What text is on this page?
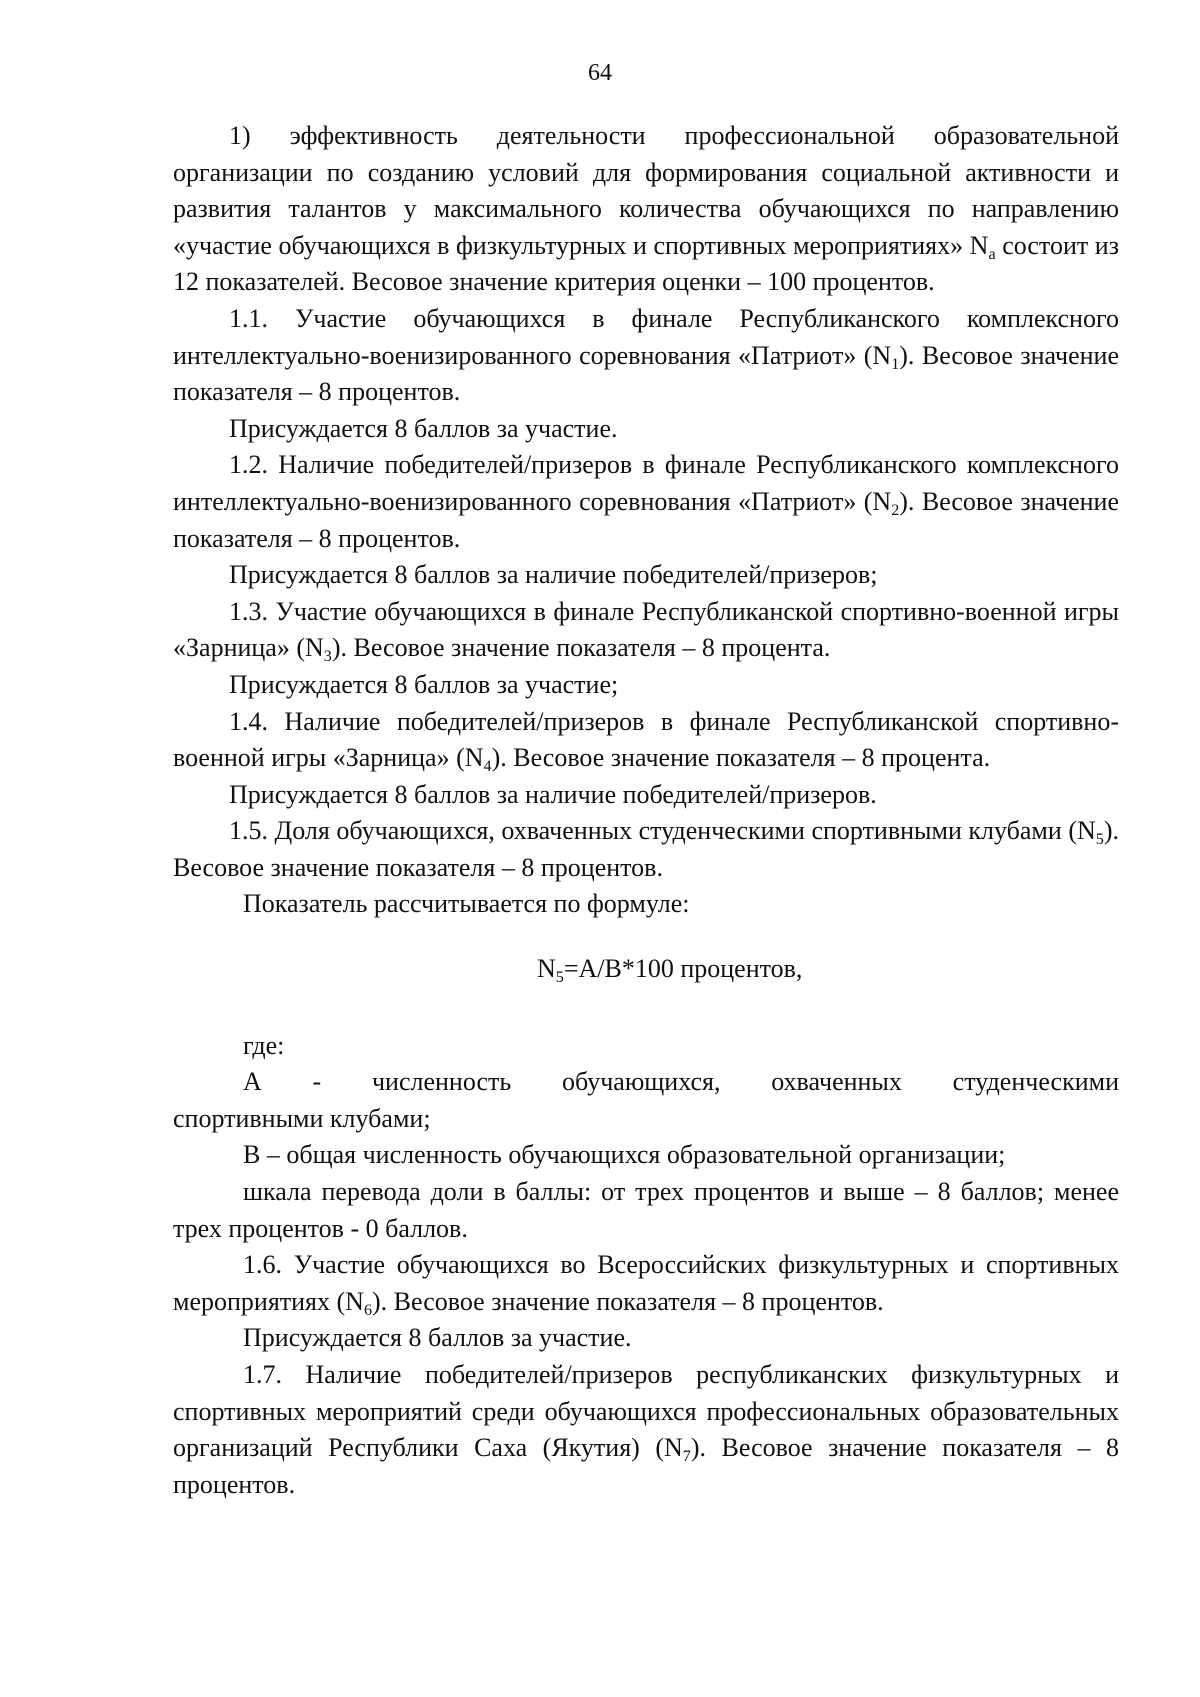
64

1) эффективность деятельности профессиональной образовательной организации по созданию условий для формирования социальной активности и развития талантов у максимального количества обучающихся по направлению «участие обучающихся в физкультурных и спортивных мероприятиях» $N_a$ состоит из 12 показателей. Весовое значение критерия оценки – 100 процентов.

1.1. Участие обучающихся в финале Республиканского комплексного интеллектуально-военизированного соревнования «Патриот» $(N_1)$. Весовое значение показателя – 8 процентов.

Присуждается 8 баллов за участие.

1.2. Наличие победителей/призеров в финале Республиканского комплексного интеллектуально-военизированного соревнования «Патриот» $(N_2)$. Весовое значение показателя – 8 процентов.

Присуждается 8 баллов за наличие победителей/призеров;

1.3. Участие обучающихся в финале Республиканской спортивно-военной игры «Зарница» $(N_3)$. Весовое значение показателя – 8 процента.

Присуждается 8 баллов за участие;

1.4. Наличие победителей/призеров в финале Республиканской спортивно-военной игры «Зарница» $(N_4)$. Весовое значение показателя – 8 процента.

Присуждается 8 баллов за наличие победителей/призеров.

1.5. Доля обучающихся, охваченных студенческими спортивными клубами $(N_5)$. Весовое значение показателя – 8 процентов.

Показатель рассчитывается по формуле:

$N_5=A/B*100$ процентов,

где:

А - численность обучающихся, охваченных студенческими

спортивными клубами;

В – общая численность обучающихся образовательной организации;

шкала перевода доли в баллы: от трех процентов и выше – 8 баллов; менее трех процентов - 0 баллов.

1.6. Участие обучающихся во Всероссийских физкультурных и спортивных мероприятиях $(N_6)$. Весовое значение показателя – 8 процентов.

Присуждается 8 баллов за участие.

1.7. Наличие победителей/призеров республиканских физкультурных и спортивных мероприятий среди обучающихся профессиональных образовательных организаций Республики Саха (Якутия) $(N_7)$. Весовое значение показателя – 8 процентов.
